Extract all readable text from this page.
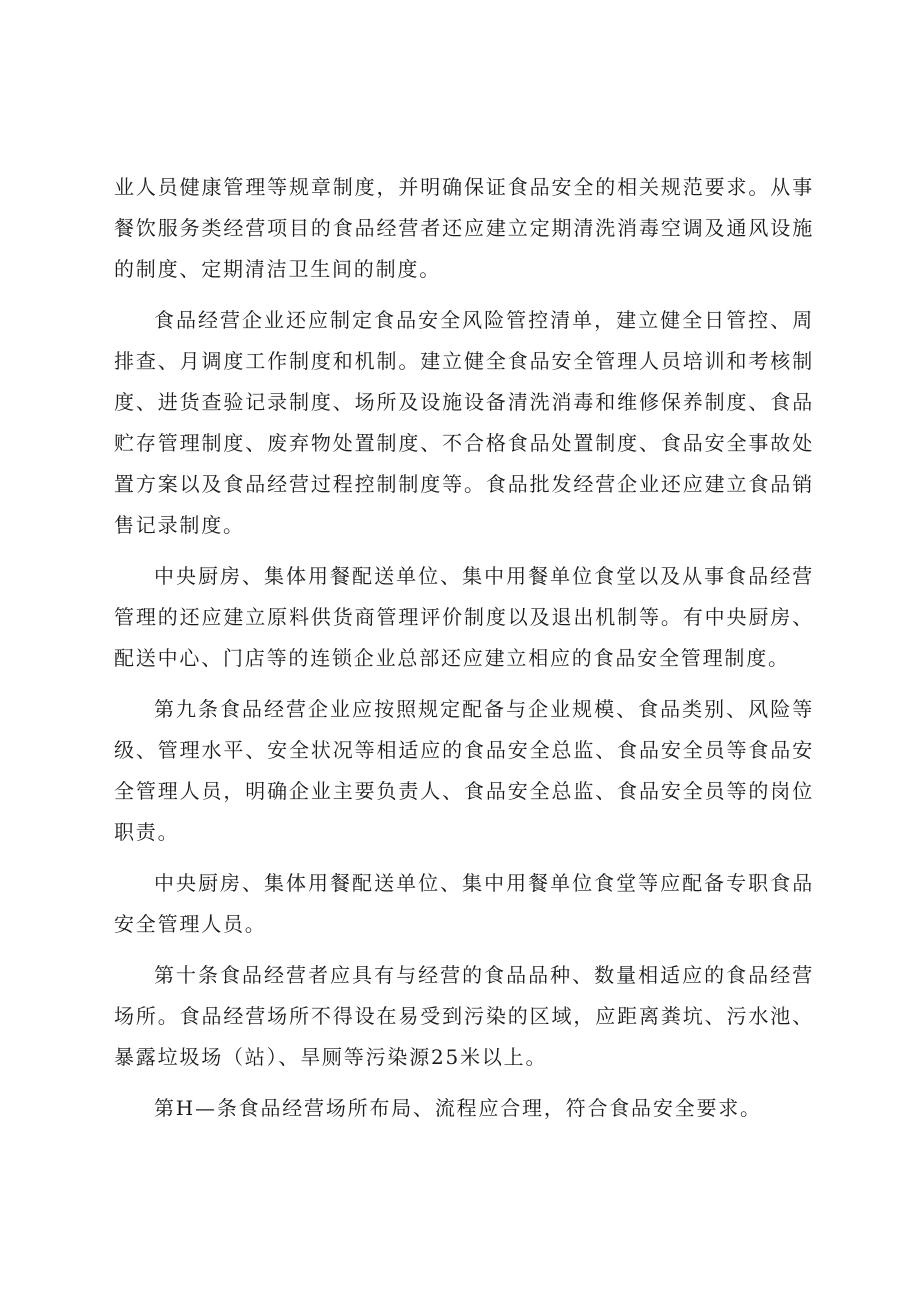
业人员健康管理等规章制度，并明确保证食品安全的相关规范要求。从事餐饮服务类经营项目的食品经营者还应建立定期清洗消毒空调及通风设施的制度、定期清洁卫生间的制度。

食品经营企业还应制定食品安全风险管控清单，建立健全日管控、周排查、月调度工作制度和机制。建立健全食品安全管理人员培训和考核制度、进货查验记录制度、场所及设施设备清洗消毒和维修保养制度、食品贮存管理制度、废弃物处置制度、不合格食品处置制度、食品安全事故处置方案以及食品经营过程控制制度等。食品批发经营企业还应建立食品销售记录制度。

中央厨房、集体用餐配送单位、集中用餐单位食堂以及从事食品经营管理的还应建立原料供货商管理评价制度以及退出机制等。有中央厨房、配送中心、门店等的连锁企业总部还应建立相应的食品安全管理制度。

第九条食品经营企业应按照规定配备与企业规模、食品类别、风险等级、管理水平、安全状况等相适应的食品安全总监、食品安全员等食品安全管理人员，明确企业主要负责人、食品安全总监、食品安全员等的岗位职责。

中央厨房、集体用餐配送单位、集中用餐单位食堂等应配备专职食品安全管理人员。

第十条食品经营者应具有与经营的食品品种、数量相适应的食品经营场所。食品经营场所不得设在易受到污染的区域，应距离粪坑、污水池、暴露垃圾场（站）、旱厕等污染源25米以上。

第H—条食品经营场所布局、流程应合理，符合食品安全要求。
